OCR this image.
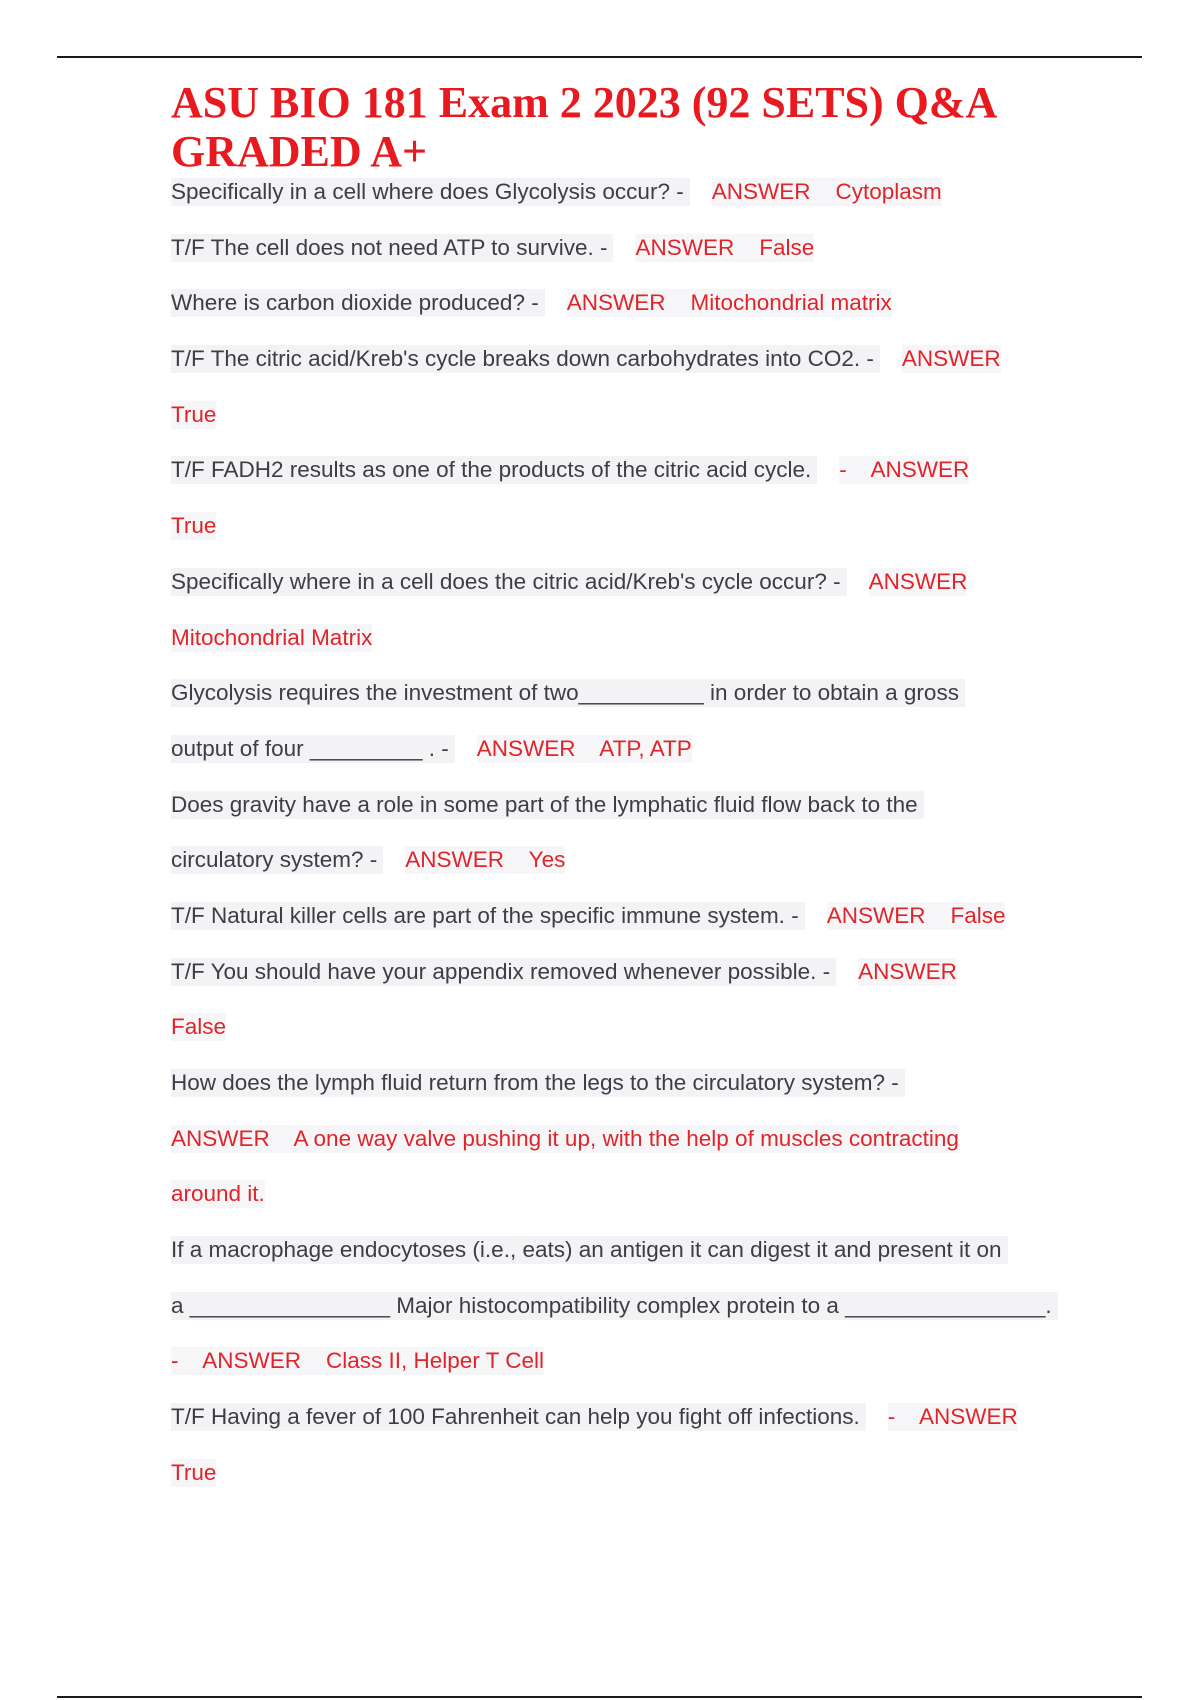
ASU BIO 181 Exam 2 2023 (92 SETS) Q&A GRADED A+
Specifically in a cell where does Glycolysis occur? - ANSWER    Cytoplasm
T/F The cell does not need ATP to survive. - ANSWER    False
Where is carbon dioxide produced? - ANSWER    Mitochondrial matrix
T/F The citric acid/Kreb's cycle breaks down carbohydrates into CO2. - ANSWER
True
T/F FADH2 results as one of the products of the citric acid cycle. -    ANSWER
True
Specifically where in a cell does the citric acid/Kreb's cycle occur? - ANSWER
Mitochondrial Matrix
Glycolysis requires the investment of two__________ in order to obtain a gross
output of four _________ . - ANSWER    ATP, ATP
Does gravity have a role in some part of the lymphatic fluid flow back to the
circulatory system? - ANSWER    Yes
T/F Natural killer cells are part of the specific immune system. - ANSWER    False
T/F You should have your appendix removed whenever possible. - ANSWER
False
How does the lymph fluid return from the legs to the circulatory system? -
ANSWER    A one way valve pushing it up, with the help of muscles contracting
around it.
If a macrophage endocytoses (i.e., eats) an antigen it can digest it and present it on
a ________________ Major histocompatibility complex protein to a ________________.
-    ANSWER    Class II, Helper T Cell
T/F Having a fever of 100 Fahrenheit can help you fight off infections. -    ANSWER
True
